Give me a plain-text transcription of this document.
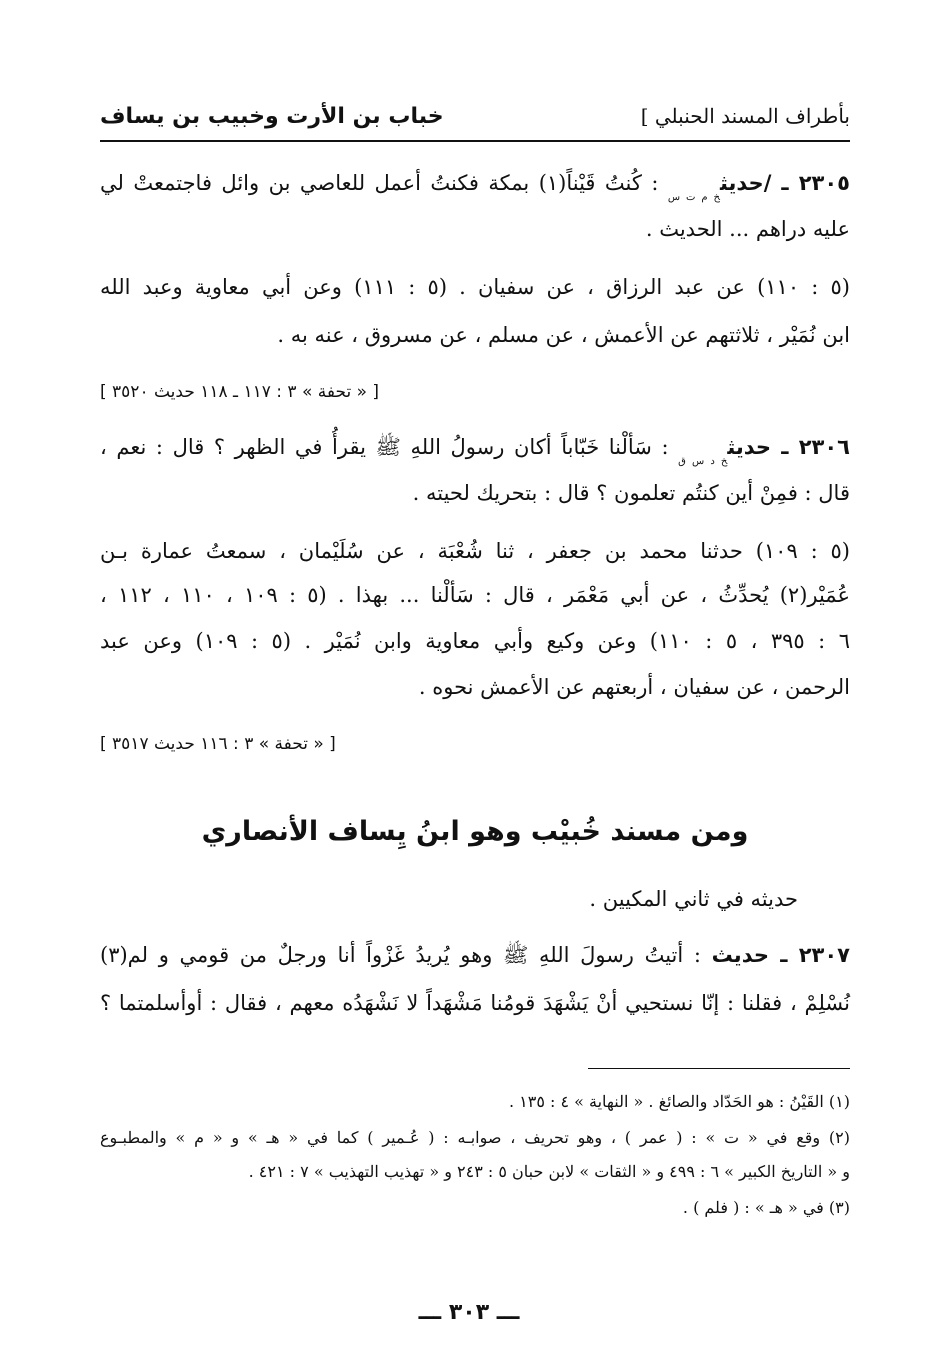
بأطراف المسند الحنبلي ]
خباب بن الأرت وخبيب بن يساف
٢٣٠٥ ـ /حديث$_{خ م ت س}$ : كُنتُ قَيْناً(١) بمكة فكنتُ أعمل للعاصي بن وائل فاجتمعتْ لي
عليه دراهم ... الحديث .
(٥ : ١١٠) عن عبد الرزاق ، عن سفيان . (٥ : ١١١) وعن أبي معاوية وعبد الله
ابن نُمَيْر ، ثلاثتهم عن الأعمش ، عن مسلم ، عن مسروق ، عنه به .
[ « تحفة » ٣ : ١١٧ ـ ١١٨ حديث ٣٥٢٠ ]
٢٣٠٦ ـ حديث$_{خ د س ق}$ : سَألْنا خَبّاباً أكان رسولُ اللهِ ﷺ يقرأُ في الظهر ؟ قال : نعم ،
قال : فمِنْ أين كنتُم تعلمون ؟ قال : بتحريك لحيته .
(٥ : ١٠٩) حدثنا محمد بن جعفر ، ثنا شُعْبَة ، عن سُلَيْمان ، سمعتُ عمارة بـن
عُمَيْر(٢) يُحدِّثُ ، عن أبي مَعْمَر ، قال : سَألْنا ... بهذا . (٥ : ١٠٩ ، ١١٠ ، ١١٢ ،
٦ : ٣٩٥ ، ٥ : ١١٠) وعن وكيع وأبي معاوية وابن نُمَيْر . (٥ : ١٠٩) وعن عبد
الرحمن ، عن سفيان ، أربعتهم عن الأعمش نحوه .
[ « تحفة » ٣ : ١١٦ حديث ٣٥١٧ ]
ومن مسند خُبيْب وهو ابنُ يِساف الأنصاري
حديثه في ثاني المكيين .
٢٣٠٧ ـ حديث : أتيتُ رسولَ اللهِ ﷺ وهو يُريدُ غَزْواً أنا ورجلٌ من قومي و لم(٣)
نُسْلِمْ ، فقلنا : إنّا نستحيي أنْ يَشْهَدَ قومُنا مَشْهَداً لا نَشْهَدُه معهم ، فقال : أوأسلمتما ؟
(١) القَيْنُ : هو الحَدّاد والصائغ . « النهاية » ٤ : ١٣٥ .
(٢) وقع في « ت » : ( عمر ) ، وهو تحريف ، صوابـه : ( عُـمير ) كما في « هـ » و « م » والمطبـوع
و « التاريخ الكبير » ٦ : ٤٩٩ و « الثقات » لابن حبان ٥ : ٢٤٣ و « تهذيب التهذيب » ٧ : ٤٢١ .
(٣) في « هـ » : ( فلم ) .
ـــ ٣٠٣ ـــ
